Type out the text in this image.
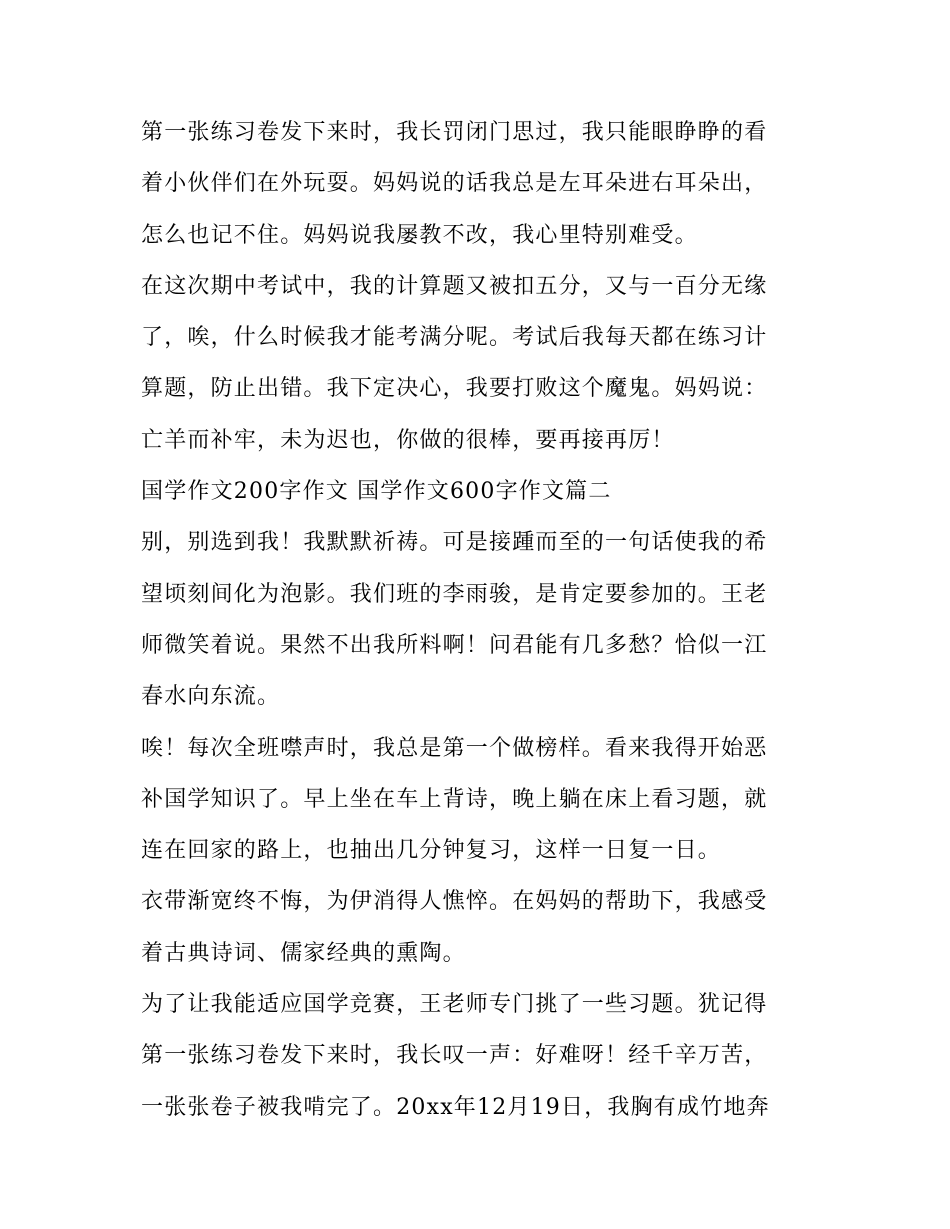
第一张练习卷发下来时，我长罚闭门思过，我只能眼睁睁的看
着小伙伴们在外玩耍。妈妈说的话我总是左耳朵进右耳朵出，
怎么也记不住。妈妈说我屡教不改，我心里特别难受。
在这次期中考试中，我的计算题又被扣五分，又与一百分无缘
了，唉，什么时候我才能考满分呢。考试后我每天都在练习计
算题，防止出错。我下定决心，我要打败这个魔鬼。妈妈说：
亡羊而补牢，未为迟也，你做的很棒，要再接再厉！
国学作文200字作文 国学作文600字作文篇二
别，别选到我！我默默祈祷。可是接踵而至的一句话使我的希
望顷刻间化为泡影。我们班的李雨骏，是肯定要参加的。王老
师微笑着说。果然不出我所料啊！问君能有几多愁？恰似一江
春水向东流。
唉！每次全班噤声时，我总是第一个做榜样。看来我得开始恶
补国学知识了。早上坐在车上背诗，晚上躺在床上看习题，就
连在回家的路上，也抽出几分钟复习，这样一日复一日。
衣带渐宽终不悔，为伊消得人憔悴。在妈妈的帮助下，我感受
着古典诗词、儒家经典的熏陶。
为了让我能适应国学竞赛，王老师专门挑了一些习题。犹记得
第一张练习卷发下来时，我长叹一声：好难呀！经千辛万苦，
一张张卷子被我啃完了。20xx年12月19日，我胸有成竹地奔
